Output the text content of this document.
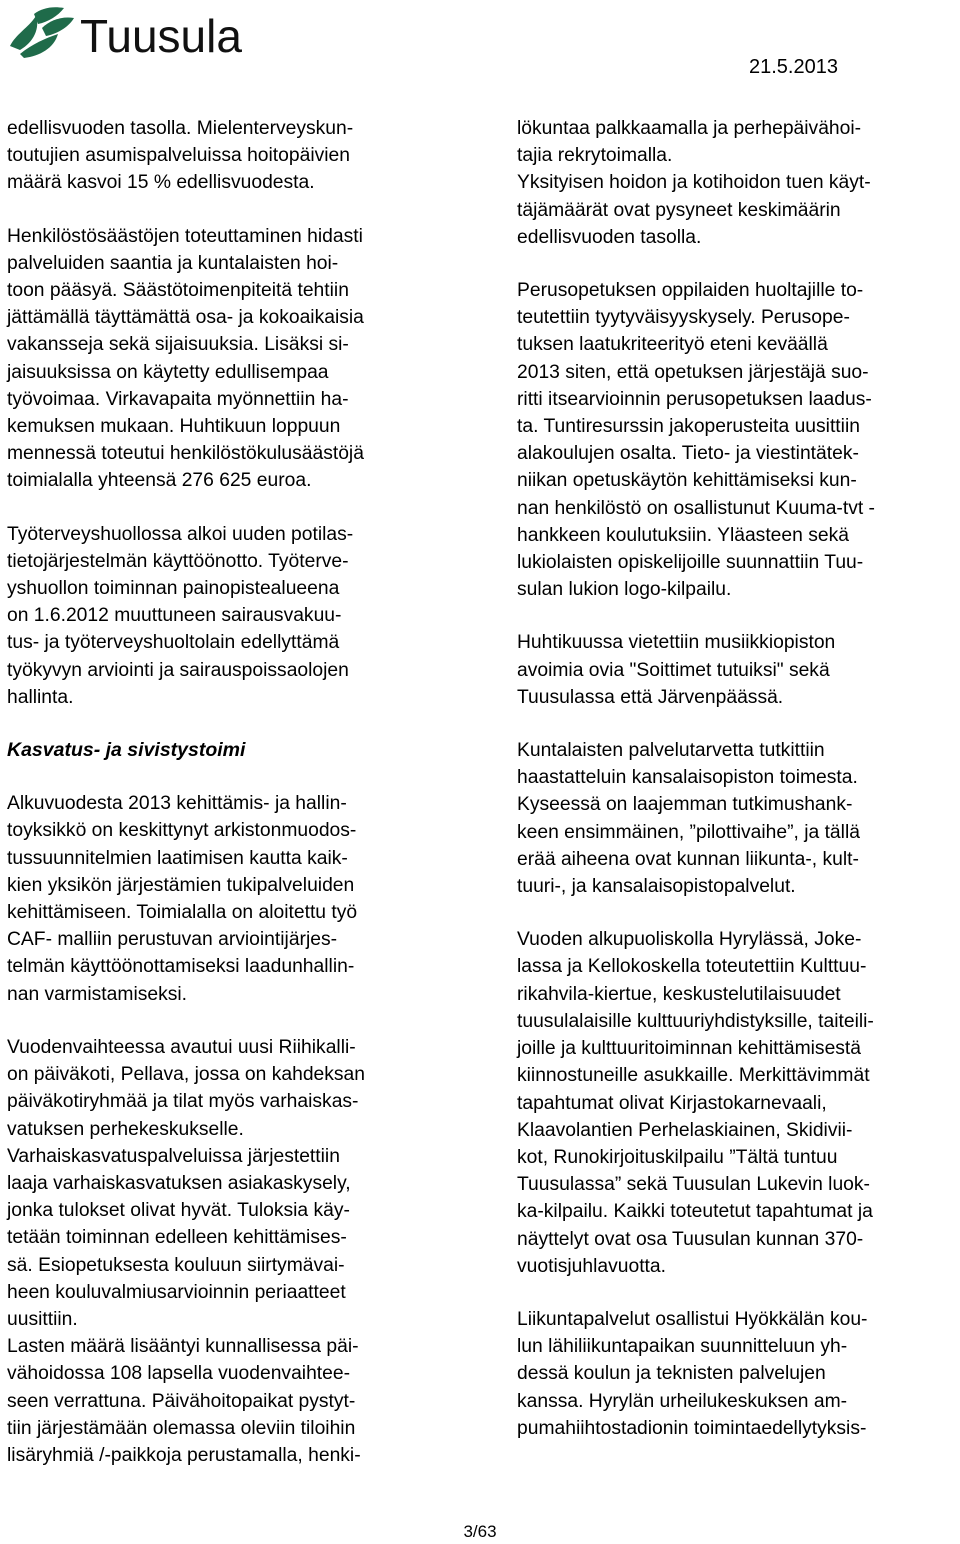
Tuusula
21.5.2013

edellisvuoden tasolla. Mielenterveyskun-
toutujien asumispalveluissa hoitopäivien
määrä kasvoi 15 % edellisvuodesta.

Henkilöstösäästöjen toteuttaminen hidasti
palveluiden saantia ja kuntalaisten hoi-
toon pääsyä. Säästötoimenpiteitä tehtiin
jättämällä täyttämättä osa- ja kokoaikaisia
vakansseja sekä sijaisuuksia. Lisäksi si-
jaisuuksissa on käytetty edullisempaa
työvoimaa. Virkavapaita myönnettiin ha-
kemuksen mukaan. Huhtikuun loppuun
mennessä toteutui henkilöstökulusäästöjä
toimialalla yhteensä 276 625 euroa.

Työterveyshuollossa alkoi uuden potilas-
tietojärjestelmän käyttöönotto. Työterve-
yshuollon toiminnan painopistealueena
on 1.6.2012 muuttuneen sairausvakuu-
tus- ja työterveyshuoltolain edellyttämä
työkyvyn arviointi ja sairauspoissaolojen
hallinta.

Kasvatus- ja sivistystoimi

Alkuvuodesta 2013 kehittämis- ja hallin-
toyksikkö on keskittynyt arkistonmuodos-
tussuunnitelmien laatimisen kautta kaik-
kien yksikön järjestämien tukipalveluiden
kehittämiseen. Toimialalla on aloitettu työ
CAF- malliin perustuvan arviointijärjes-
telmän käyttöönottamiseksi laadunhallin-
nan varmistamiseksi.

Vuodenvaihteessa avautui uusi Riihikalli-
on päiväkoti, Pellava, jossa on kahdeksan
päiväkotiryhmää ja tilat myös varhaiskas-
vatuksen perhekeskukselle.

Varhaiskasvatuspalveluissa järjestettiin
laaja varhaiskasvatuksen asiakaskysely,
jonka tulokset olivat hyvät. Tuloksia käy-
tetään toiminnan edelleen kehittämises-
sä. Esiopetuksesta kouluun siirtymävai-
heen kouluvalmiusarvioinnin periaatteet
uusittiin.

Lasten määrä lisääntyi kunnallisessa päi-
vähoidossa 108 lapsella vuodenvaihtee-
seen verrattuna. Päivähoitopaikat pystyt-
tiin järjestämään olemassa oleviin tiloihin
lisäryhmiä /-paikkoja perustamalla, henki-

lökuntaa palkkaamalla ja perhepäivähoi-
tajia rekrytoimalla.

Yksityisen hoidon ja kotihoidon tuen käyt-
täjämäärät ovat pysyneet keskimäärin
edellisvuoden tasolla.

Perusopetuksen oppilaiden huoltajille to-
teutettiin tyytyväisyyskysely. Perusope-
tuksen laatukriteerityö eteni keväällä
2013 siten, että opetuksen järjestäjä suo-
ritti itsearvioinnin perusopetuksen laadus-
ta. Tuntiresurssin jakoperusteita uusittiin
alakoulujen osalta. Tieto- ja viestintätek-
niikan opetuskäytön kehittämiseksi kun-
nan henkilöstö on osallistunut Kuuma-tvt -
hankkeen koulutuksiin. Yläasteen sekä
lukiolaisten opiskelijoille suunnattiin Tuu-
sulan lukion logo-kilpailu.

Huhtikuussa vietettiin musiikkiopiston
avoimia ovia "Soittimet tutuiksi" sekä
Tuusulassa että Järvenpäässä.

Kuntalaisten palvelutarvetta tutkittiin
haastatteluin kansalaisopiston toimesta.
Kyseessä on laajemman tutkimushank-
keen ensimmäinen, ”pilottivaihe”, ja tällä
erää aiheena ovat kunnan liikunta-, kult-
tuuri-, ja kansalaisopistopalvelut.

Vuoden alkupuoliskolla Hyrylässä, Joke-
lassa ja Kellokoskella toteutettiin Kulttuu-
rikahvila-kiertue, keskustelutilaisuudet
tuusulalaisille kulttuuriyhdistyksille, taiteili-
joille ja kulttuuritoiminnan kehittämisestä
kiinnostuneille asukkaille. Merkittävimmät
tapahtumat olivat Kirjastokarnevaali,
Klaavolantien Perhelaskiainen, Skidivii-
kot, Runokirjoituskilpailu ”Tältä tuntuu
Tuusulassa” sekä Tuusulan Lukevin luok-
ka-kilpailu. Kaikki toteutetut tapahtumat ja
näyttelyt ovat osa Tuusulan kunnan 370-
vuotisjuhlavuotta.

Liikuntapalvelut osallistui Hyökkälän kou-
lun lähiliikuntapaikan suunnitteluun yh-
dessä koulun ja teknisten palvelujen
kanssa. Hyrylän urheilukeskuksen am-
pumahiihtostadionin toimintaedellytyksis-

3/63
